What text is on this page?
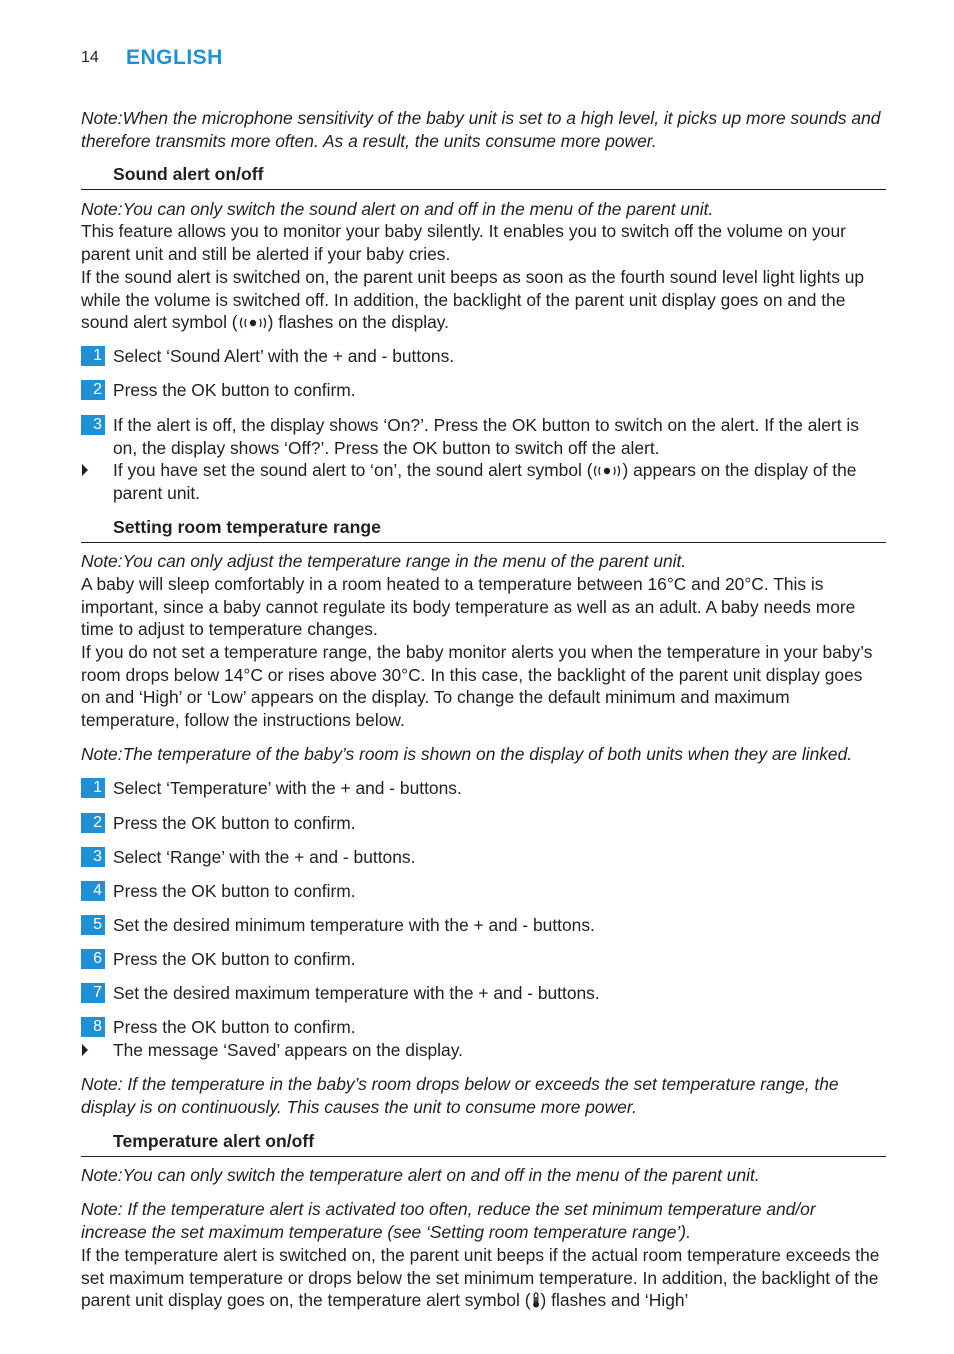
14 ENGLISH

Note:When the microphone sensitivity of the baby unit is set to a high level, it picks up more sounds and therefore transmits more often. As a result, the units consume more power.

Sound alert on/off

Note:You can only switch the sound alert on and off in the menu of the parent unit.

This feature allows you to monitor your baby silently. It enables you to switch off the volume on your parent unit and still be alerted if your baby cries.

If the sound alert is switched on, the parent unit beeps as soon as the fourth sound level light lights up while the volume is switched off. In addition, the backlight of the parent unit display goes on and the sound alert symbol ( ) flashes on the display.

1 Select ‘Sound Alert’ with the + and - buttons.
2 Press the OK button to confirm.
3 If the alert is off, the display shows ‘On?’. Press the OK button to switch on the alert. If the alert is on, the display shows ‘Off?’. Press the OK button to switch off the alert.
If you have set the sound alert to ‘on’, the sound alert symbol ( ) appears on the display of the parent unit.
Setting room temperature range

Note:You can only adjust the temperature range in the menu of the parent unit.

A baby will sleep comfortably in a room heated to a temperature between 16°C and 20°C. This is important, since a baby cannot regulate its body temperature as well as an adult. A baby needs more time to adjust to temperature changes.

If you do not set a temperature range, the baby monitor alerts you when the temperature in your baby’s room drops below 14°C or rises above 30°C. In this case, the backlight of the parent unit display goes on and ‘High’ or ‘Low’ appears on the display. To change the default minimum and maximum temperature, follow the instructions below.

Note:The temperature of the baby’s room is shown on the display of both units when they are linked.

1 Select ‘Temperature’ with the + and - buttons.
2 Press the OK button to confirm.
3 Select ‘Range’ with the + and - buttons.
4 Press the OK button to confirm.
5 Set the desired minimum temperature with the + and - buttons.
6 Press the OK button to confirm.
7 Set the desired maximum temperature with the + and - buttons.
8 Press the OK button to confirm.
The message ‘Saved’ appears on the display.

Note: If the temperature in the baby’s room drops below or exceeds the set temperature range, the display is on continuously. This causes the unit to consume more power.

Temperature alert on/off

Note:You can only switch the temperature alert on and off in the menu of the parent unit.

Note: If the temperature alert is activated too often, reduce the set minimum temperature and/or increase the set maximum temperature (see ‘Setting room temperature range’).

If the temperature alert is switched on, the parent unit beeps if the actual room temperature exceeds the set maximum temperature or drops below the set minimum temperature. In addition, the backlight of the parent unit display goes on, the temperature alert symbol ( ) flashes and ‘High’
